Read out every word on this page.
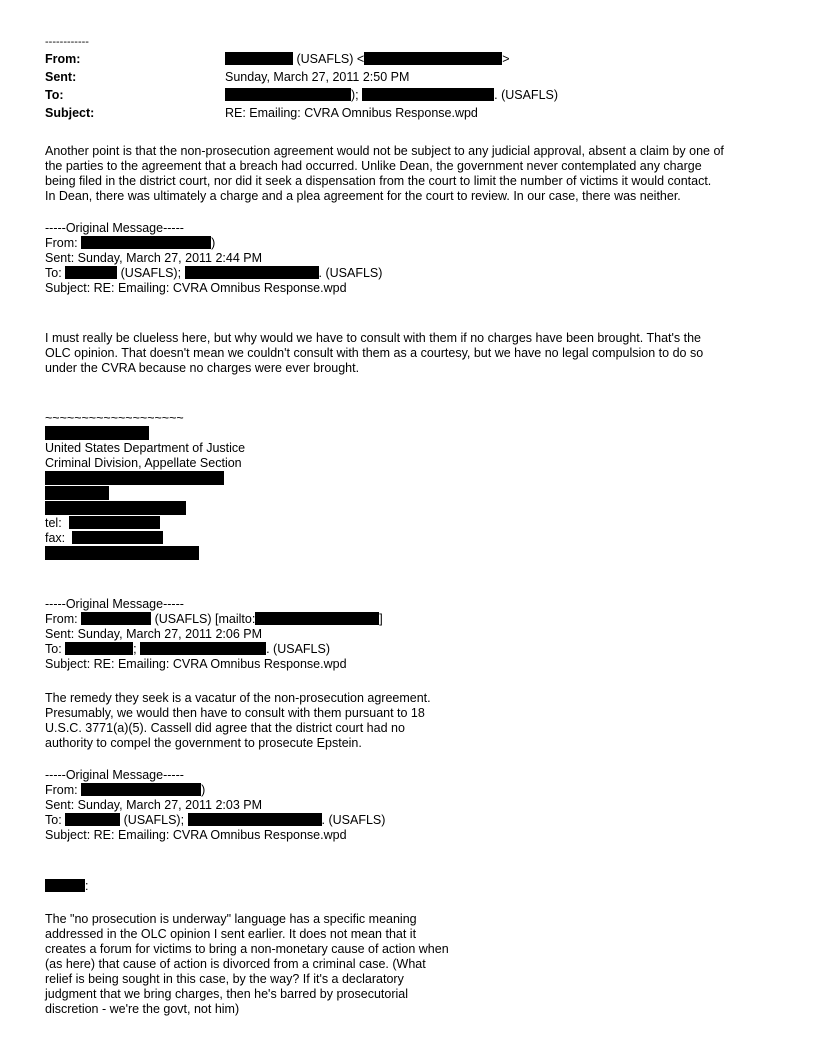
------------
From:	(USAFLS) <	>
Sent:	Sunday, March 27, 2011 2:50 PM
To:	);	. (USAFLS)
Subject:	RE: Emailing: CVRA Omnibus Response.wpd

Another point is that the non-prosecution agreement would not be subject to any judicial approval, absent a claim by one of

the parties to the agreement that a breach had occurred. Unlike Dean, the government never contemplated any charge

being filed in the district court, nor did it seek a dispensation from the court to limit the number of victims it would contact.

In Dean, there was ultimately a charge and a plea agreement for the court to review. In our case, there was neither.

-----Original Message-----

From:	)

Sent: Sunday, March 27, 2011 2:44 PM

To:	(USAFLS);	. (USAFLS)

Subject: RE: Emailing: CVRA Omnibus Response.wpd

I must really be clueless here, but why would we have to consult with them if no charges have been brought. That's the

OLC opinion. That doesn't mean we couldn't consult with them as a courtesy, but we have no legal compulsion to do so

under the CVRA because no charges were ever brought.

~~~~~~~~~~~~~~~~~~~

United States Department of Justice

Criminal Division, Appellate Section

tel:

fax:

-----Original Message-----

From:	(USAFLS) [mailto:	]

Sent: Sunday, March 27, 2011 2:06 PM

To:	;	. (USAFLS)

Subject: RE: Emailing: CVRA Omnibus Response.wpd

The remedy they seek is a vacatur of the non-prosecution agreement.

Presumably, we would then have to consult with them pursuant to 18

U.S.C. 3771(a)(5). Cassell did agree that the district court had no

authority to compel the government to prosecute Epstein.

-----Original Message-----

From:	)

Sent: Sunday, March 27, 2011 2:03 PM

To:	(USAFLS);	. (USAFLS)

Subject: RE: Emailing: CVRA Omnibus Response.wpd

:

The "no prosecution is underway" language has a specific meaning

addressed in the OLC opinion I sent earlier. It does not mean that it

creates a forum for victims to bring a non-monetary cause of action when

(as here) that cause of action is divorced from a criminal case. (What

relief is being sought in this case, by the way? If it's a declaratory

judgment that we bring charges, then he's barred by prosecutorial

discretion - we're the govt, not him)
